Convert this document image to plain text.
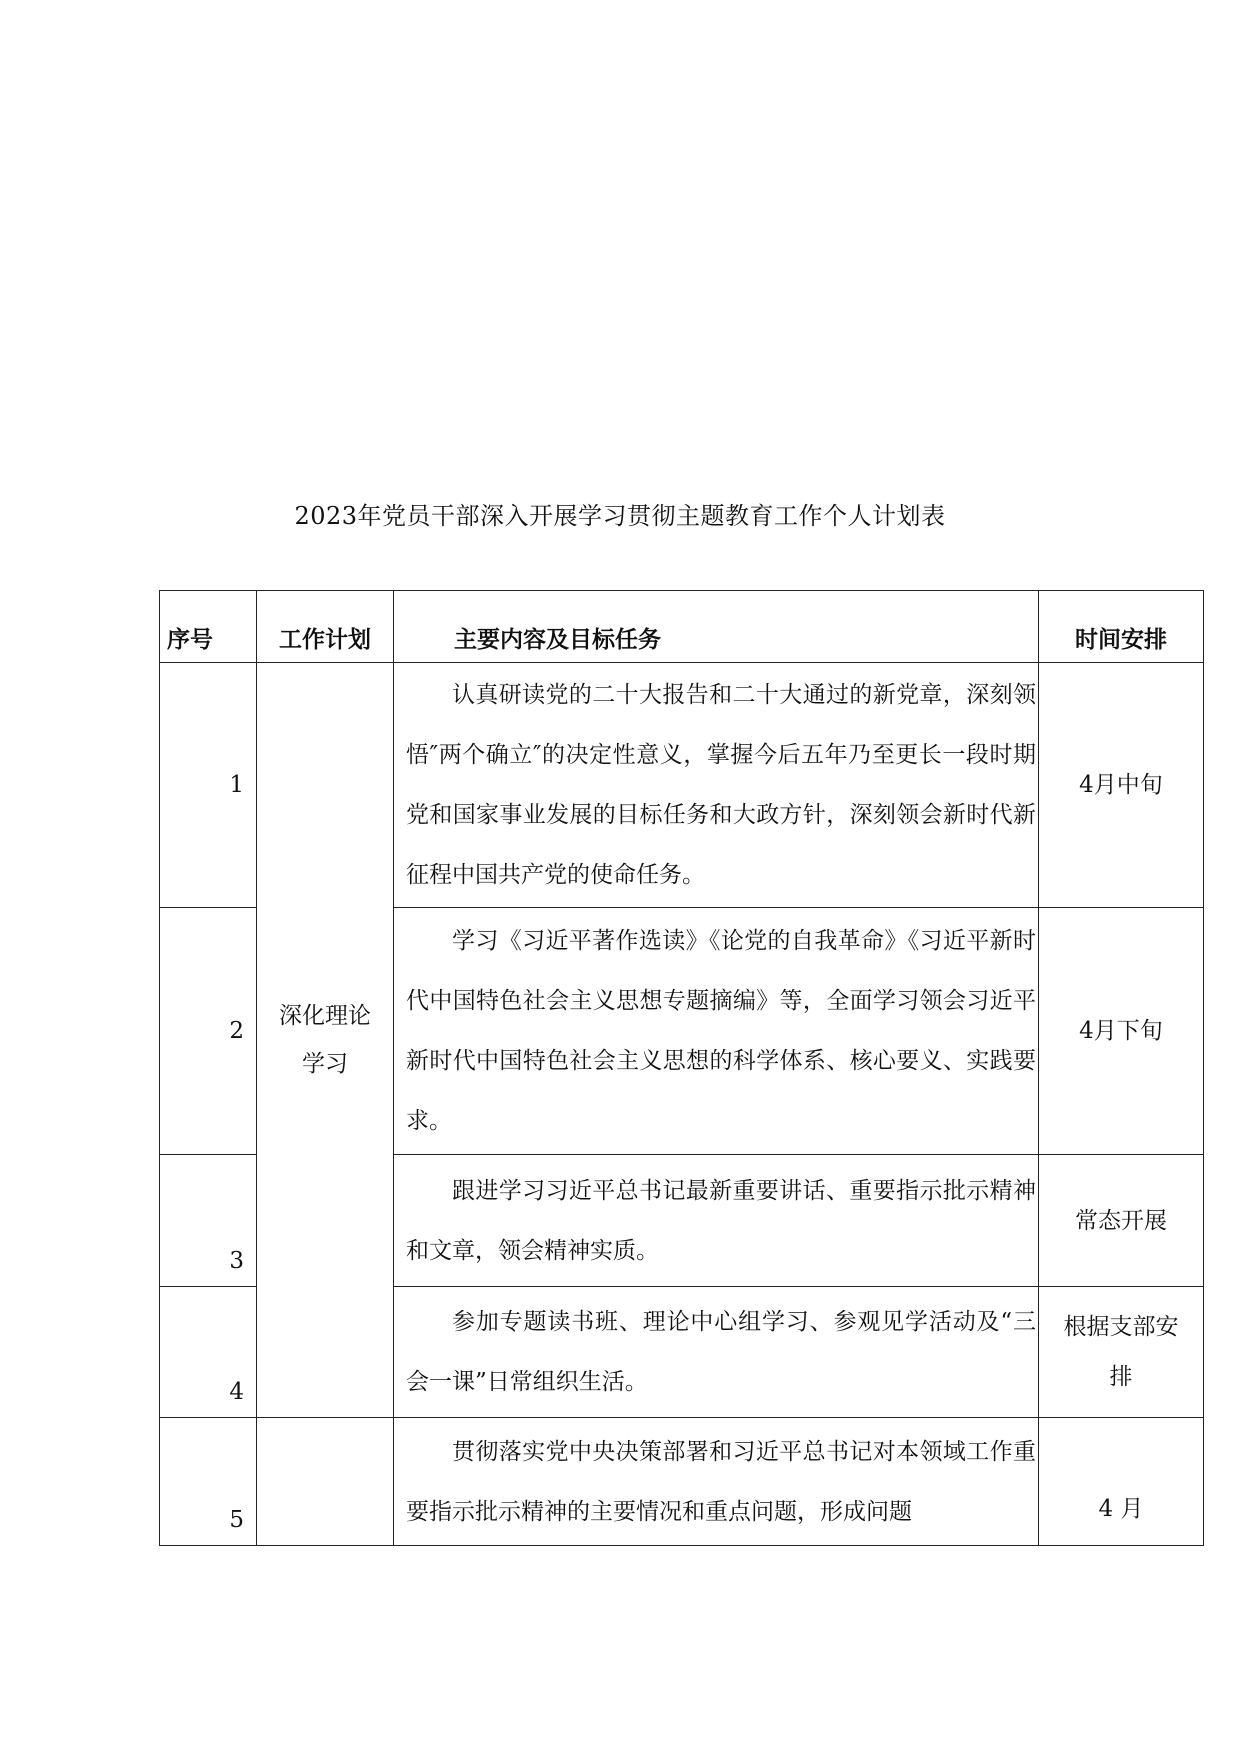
2023年党员干部深入开展学习贯彻主题教育工作个人计划表
序号	工作计划	主要内容及目标任务	时间安排
1	深化理论学习	认真研读党的二十大报告和二十大通过的新党章，深刻领悟″两个确立″的决定性意义，掌握今后五年乃至更长一段时期党和国家事业发展的目标任务和大政方针，深刻领会新时代新征程中国共产党的使命任务。	4月中旬
2		学习《习近平著作选读》《论党的自我革命》《习近平新时代中国特色社会主义思想专题摘编》等，全面学习领会习近平新时代中国特色社会主义思想的科学体系、核心要义、实践要求。	4月下旬
3		跟进学习习近平总书记最新重要讲话、重要指示批示精神和文章，领会精神实质。	常态开展
4		参加专题读书班、理论中心组学习、参观见学活动及“三会一课”日常组织生活。	根据支部安排

5		贯彻落实党中央决策部署和习近平总书记对本领域工作重要指示批示精神的主要情况和重点问题，形成问题	4 月
